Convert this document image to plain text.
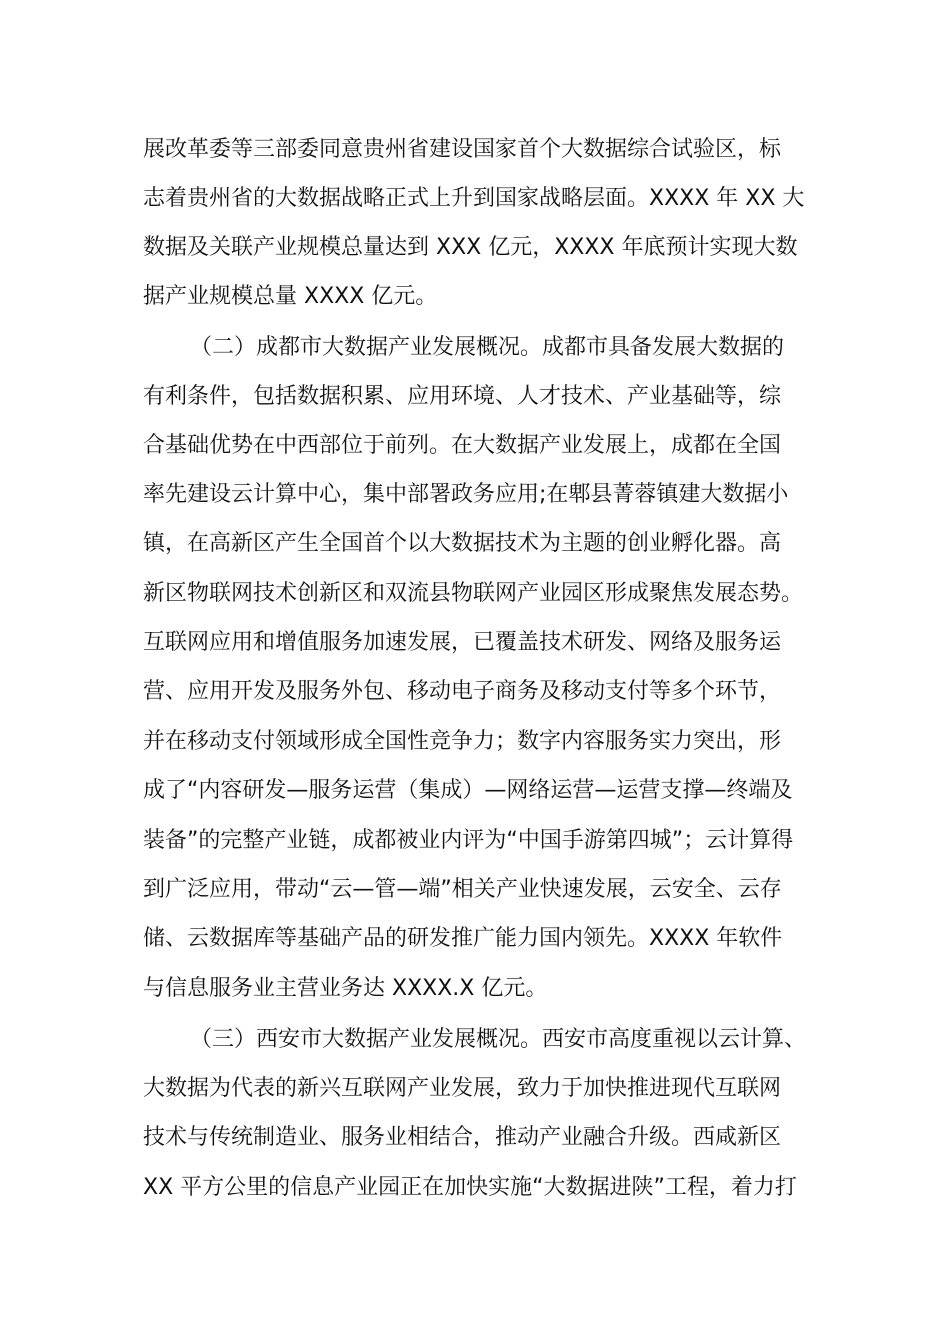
展改革委等三部委同意贵州省建设国家首个大数据综合试验区，标
志着贵州省的大数据战略正式上升到国家战略层面。XXXX 年 XX 大
数据及关联产业规模总量达到 XXX 亿元，XXXX 年底预计实现大数
据产业规模总量 XXXX 亿元。
（二）成都市大数据产业发展概况。成都市具备发展大数据的
有利条件，包括数据积累、应用环境、人才技术、产业基础等，综
合基础优势在中西部位于前列。在大数据产业发展上，成都在全国
率先建设云计算中心，集中部署政务应用;在郫县菁蓉镇建大数据小
镇，在高新区产生全国首个以大数据技术为主题的创业孵化器。高
新区物联网技术创新区和双流县物联网产业园区形成聚焦发展态势。
互联网应用和增值服务加速发展，已覆盖技术研发、网络及服务运
营、应用开发及服务外包、移动电子商务及移动支付等多个环节，
并在移动支付领域形成全国性竞争力；数字内容服务实力突出，形
成了“内容研发—服务运营（集成）—网络运营—运营支撑—终端及
装备”的完整产业链，成都被业内评为“中国手游第四城”；云计算得
到广泛应用，带动“云—管—端”相关产业快速发展，云安全、云存
储、云数据库等基础产品的研发推广能力国内领先。XXXX 年软件
与信息服务业主营业务达 XXXX.X 亿元。
（三）西安市大数据产业发展概况。西安市高度重视以云计算、
大数据为代表的新兴互联网产业发展，致力于加快推进现代互联网
技术与传统制造业、服务业相结合，推动产业融合升级。西咸新区
XX 平方公里的信息产业园正在加快实施“大数据进陕”工程，着力打
